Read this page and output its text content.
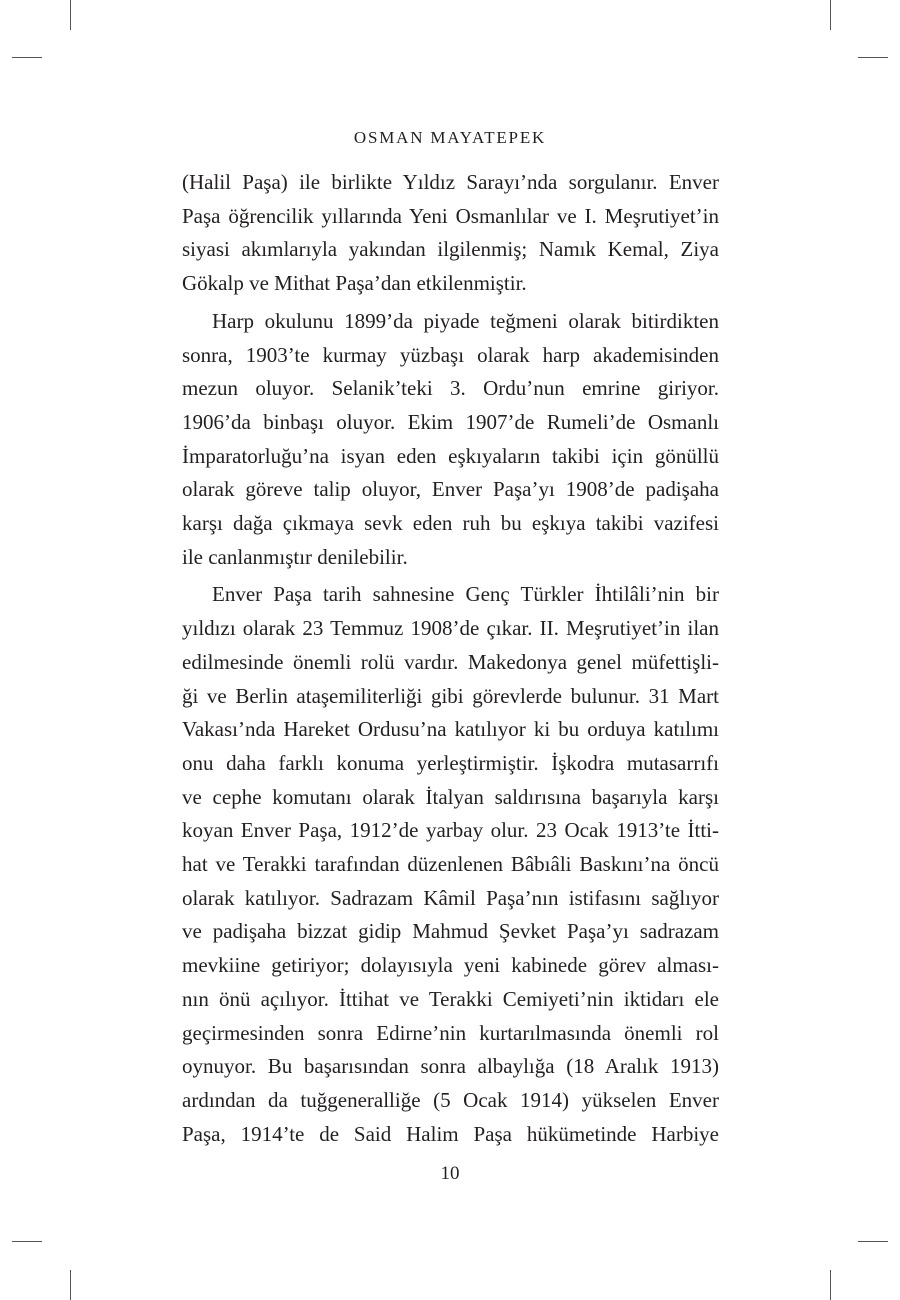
OSMAN MAYATEPEK
(Halil Paşa) ile birlikte Yıldız Sarayı’nda sorgulanır. Enver
Paşa öğrencilik yıllarında Yeni Osmanlılar ve I. Meşrutiyet’in
siyasi akımlarıyla yakından ilgilenmiş; Namık Kemal, Ziya
Gökalp ve Mithat Paşa’dan etkilenmiştir.
Harp okulunu 1899’da piyade teğmeni olarak bitirdikten
sonra, 1903’te kurmay yüzbaşı olarak harp akademisinden
mezun oluyor. Selanik’teki 3. Ordu’nun emrine giriyor.
1906’da binbaşı oluyor. Ekim 1907’de Rumeli’de Osmanlı
İmparatorluğu’na isyan eden eşkıyaların takibi için gönüllü
olarak göreve talip oluyor, Enver Paşa’yı 1908’de padişaha
karşı dağa çıkmaya sevk eden ruh bu eşkıya takibi vazifesi
ile canlanmıştır denilebilir.
Enver Paşa tarih sahnesine Genç Türkler İhtilâli’nin bir
yıldızı olarak 23 Temmuz 1908’de çıkar. II. Meşrutiyet’in ilan
edilmesinde önemli rolü vardır. Makedonya genel müfettişli-
ği ve Berlin ataşemiliterliği gibi görevlerde bulunur. 31 Mart
Vakası’nda Hareket Ordusu’na katılıyor ki bu orduya katılımı
onu daha farklı konuma yerleştirmiştir. İşkodra mutasarrıfı
ve cephe komutanı olarak İtalyan saldırısına başarıyla karşı
koyan Enver Paşa, 1912’de yarbay olur. 23 Ocak 1913’te İtti-
hat ve Terakki tarafından düzenlenen Bâbıâli Baskını’na öncü
olarak katılıyor. Sadrazam Kâmil Paşa’nın istifasını sağlıyor
ve padişaha bizzat gidip Mahmud Şevket Paşa’yı sadrazam
mevkiine getiriyor; dolayısıyla yeni kabinede görev alması-
nın önü açılıyor. İttihat ve Terakki Cemiyeti’nin iktidarı ele
geçirmesinden sonra Edirne’nin kurtarılmasında önemli rol
oynuyor. Bu başarısından sonra albaylığa (18 Aralık 1913)
ardından da tuğgeneralliğe (5 Ocak 1914) yükselen Enver
Paşa, 1914’te de Said Halim Paşa hükümetinde Harbiye
10
